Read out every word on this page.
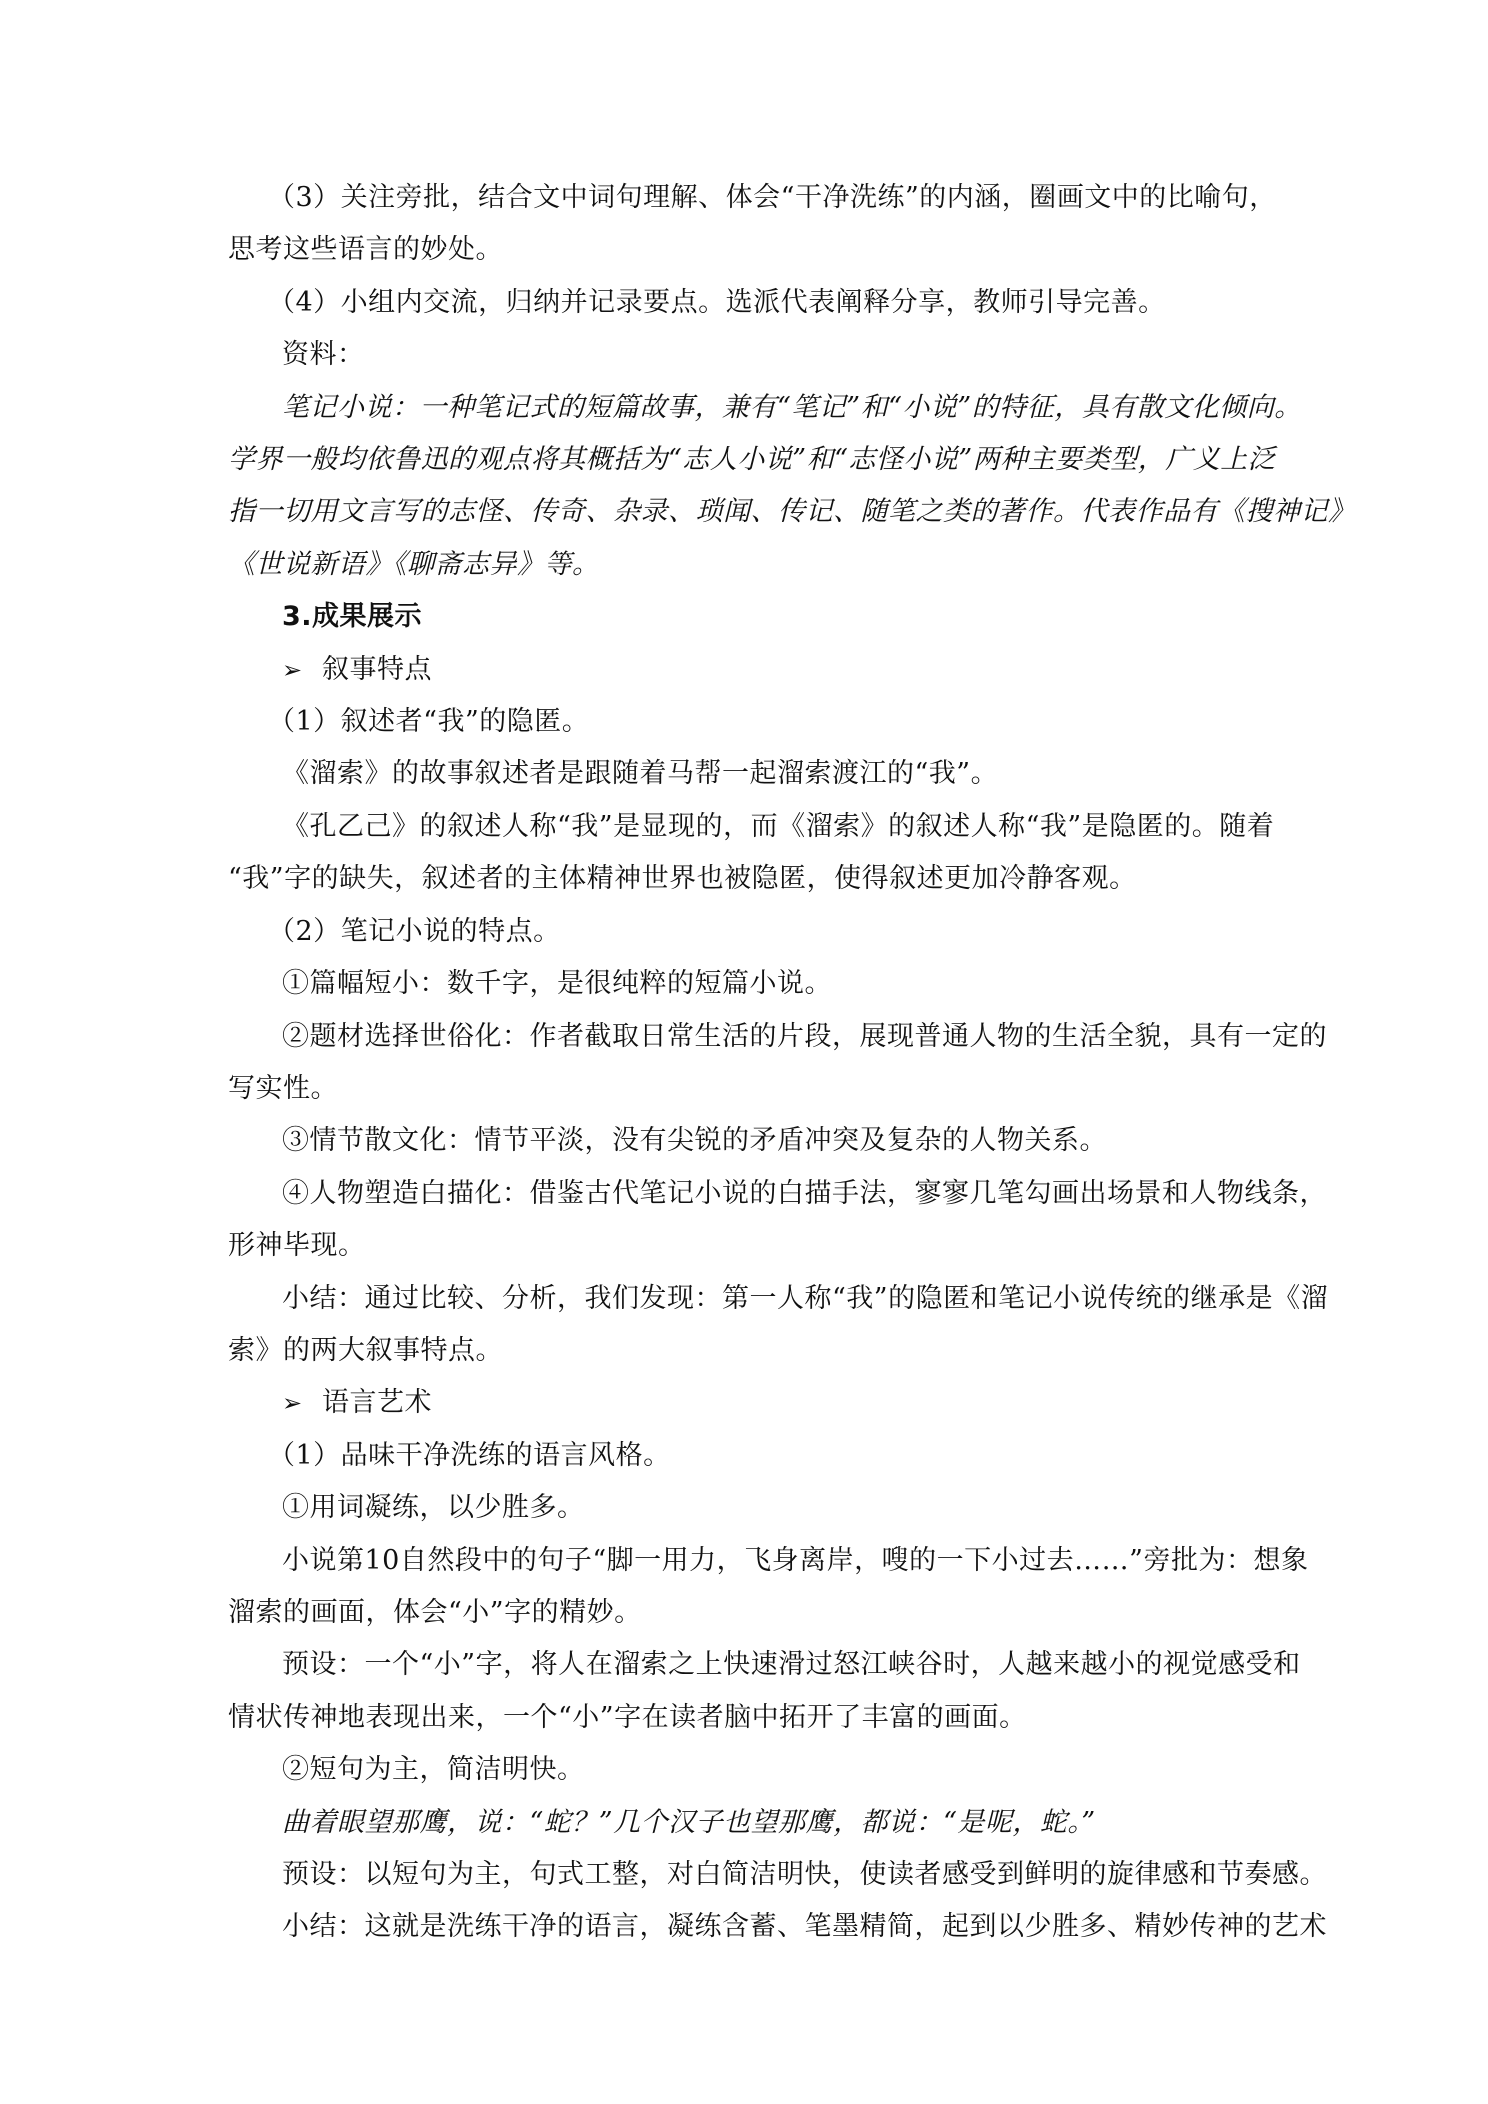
（3）关注旁批，结合文中词句理解、体会“干净洗练”的内涵，圈画文中的比喻句，
思考这些语言的妙处。
（4）小组内交流，归纳并记录要点。选派代表阐释分享，教师引导完善。
资料：
笔记小说：一种笔记式的短篇故事，兼有“笔记”和“小说”的特征，具有散文化倾向。
学界一般均依鲁迅的观点将其概括为“志人小说”和“志怪小说”两种主要类型，广义上泛
指一切用文言写的志怪、传奇、杂录、琐闻、传记、随笔之类的著作。代表作品有《搜神记》
《世说新语》《聊斋志异》等。
3.成果展示
➢ 叙事特点
（1）叙述者“我”的隐匿。
《溜索》的故事叙述者是跟随着马帮一起溜索渡江的“我”。
《孔乙己》的叙述人称“我”是显现的，而《溜索》的叙述人称“我”是隐匿的。随着
“我”字的缺失，叙述者的主体精神世界也被隐匿，使得叙述更加冷静客观。
（2）笔记小说的特点。
①篇幅短小：数千字，是很纯粹的短篇小说。
②题材选择世俗化：作者截取日常生活的片段，展现普通人物的生活全貌，具有一定的
写实性。
③情节散文化：情节平淡，没有尖锐的矛盾冲突及复杂的人物关系。
④人物塑造白描化：借鉴古代笔记小说的白描手法，寥寥几笔勾画出场景和人物线条，
形神毕现。
小结：通过比较、分析，我们发现：第一人称“我”的隐匿和笔记小说传统的继承是《溜
索》的两大叙事特点。
➢ 语言艺术
（1）品味干净洗练的语言风格。
①用词凝练，以少胜多。
小说第10自然段中的句子“脚一用力，飞身离岸，嗖的一下小过去……”旁批为：想象
溜索的画面，体会“小”字的精妙。
预设：一个“小”字，将人在溜索之上快速滑过怒江峡谷时，人越来越小的视觉感受和
情状传神地表现出来，一个“小”字在读者脑中拓开了丰富的画面。
②短句为主，简洁明快。
曲着眼望那鹰，说：“蛇？”几个汉子也望那鹰，都说：“是呢，蛇。”
预设：以短句为主，句式工整，对白简洁明快，使读者感受到鲜明的旋律感和节奏感。
小结：这就是洗练干净的语言，凝练含蓄、笔墨精简，起到以少胜多、精妙传神的艺术
